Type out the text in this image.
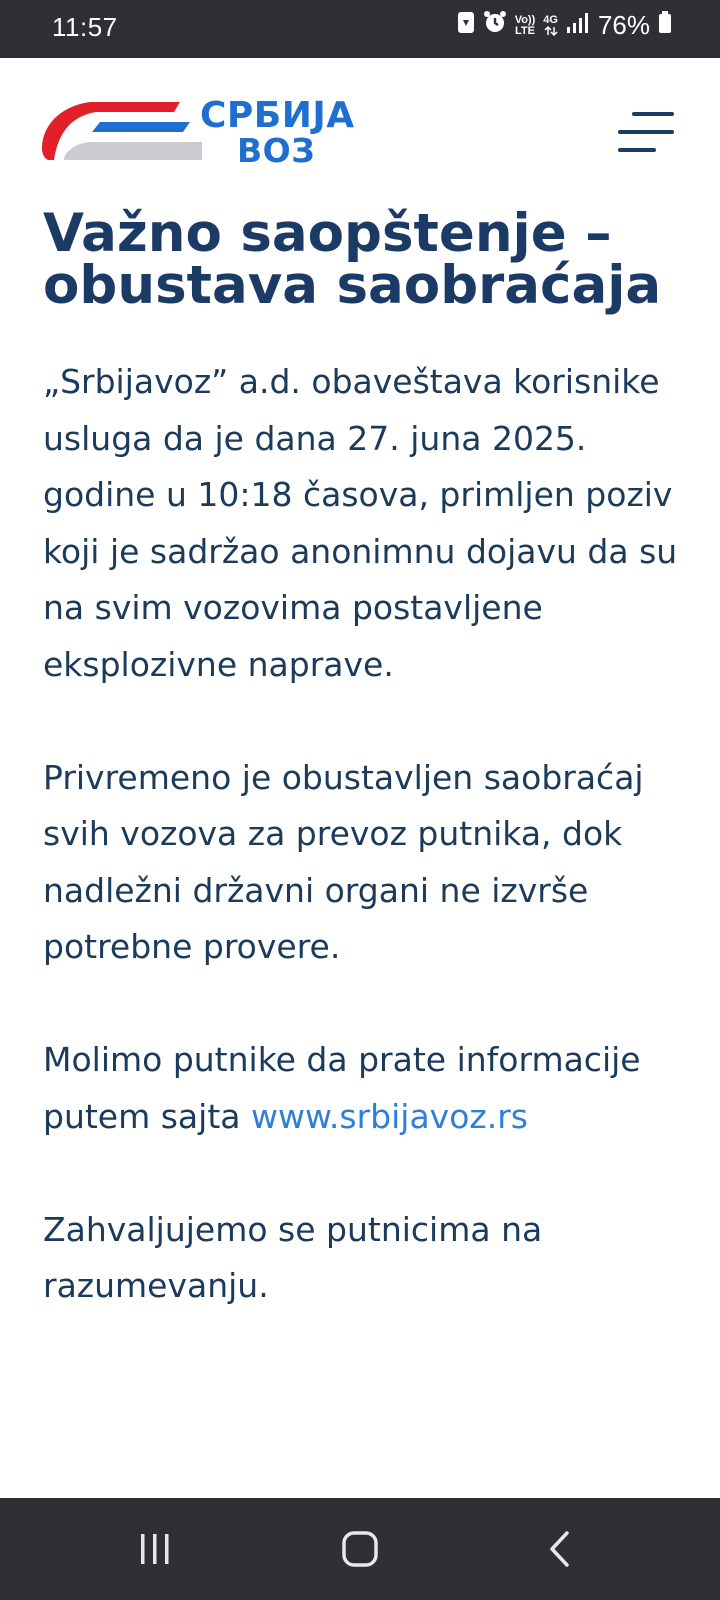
11:57	Vo))
LTE
4G 76%
СРБИЈА
ВОЗ
Važno saopštenje – obustava saobraćaja

„Srbijavoz” a.d. obaveštava korisnike usluga da je dana 27. juna 2025. godine u 10:18 časova, primljen poziv koji je sadržao anonimnu dojavu da su na svim vozovima postavljene eksplozivne naprave.

Privremeno je obustavljen saobraćaj svih vozova za prevoz putnika, dok nadležni državni organi ne izvrše potrebne provere.

Molimo putnike da prate informacije putem sajta www.srbijavoz.rs

Zahvaljujemo se putnicima na razumevanju.
